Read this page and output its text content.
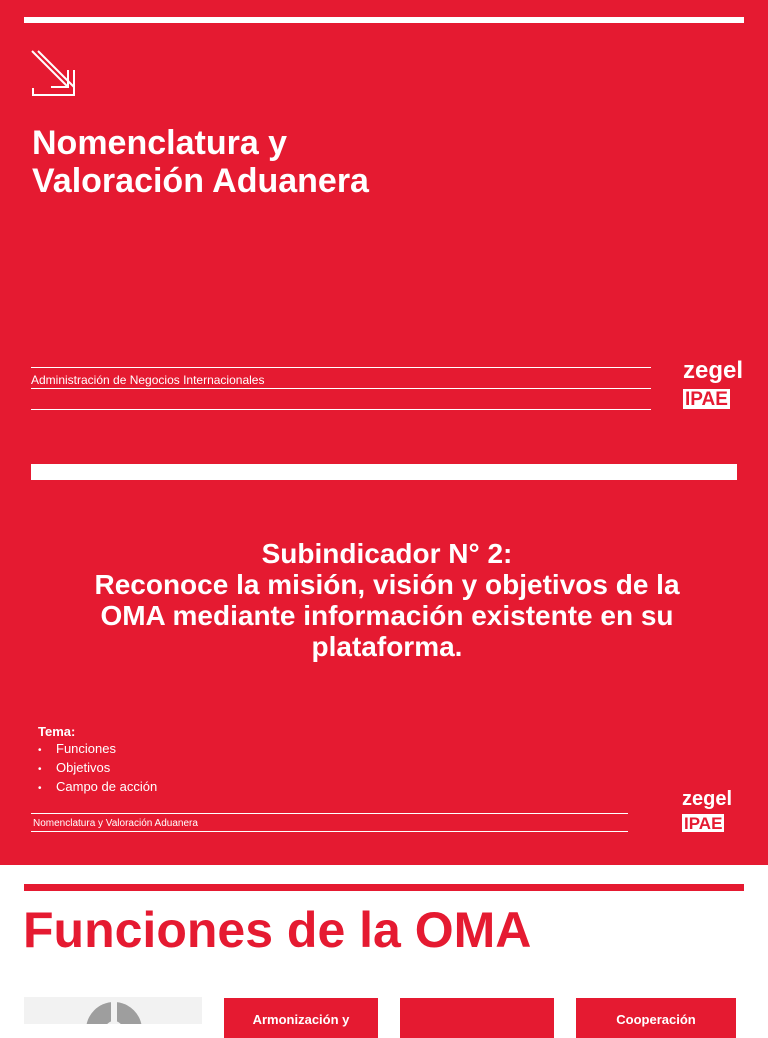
Nomenclatura y
Valoración Aduanera
Administración de Negocios Internacionales	zegel
IPAE
Subindicador N° 2:
Reconoce la misión, visión y objetivos de la
OMA mediante información existente en su
plataforma.
Tema:
• Funciones
• Objetivos
• Campo de acción
Nomenclatura y Valoración Aduanera
zegel
IPAE
Funciones de la OMA
Armonización y	Cooperación
